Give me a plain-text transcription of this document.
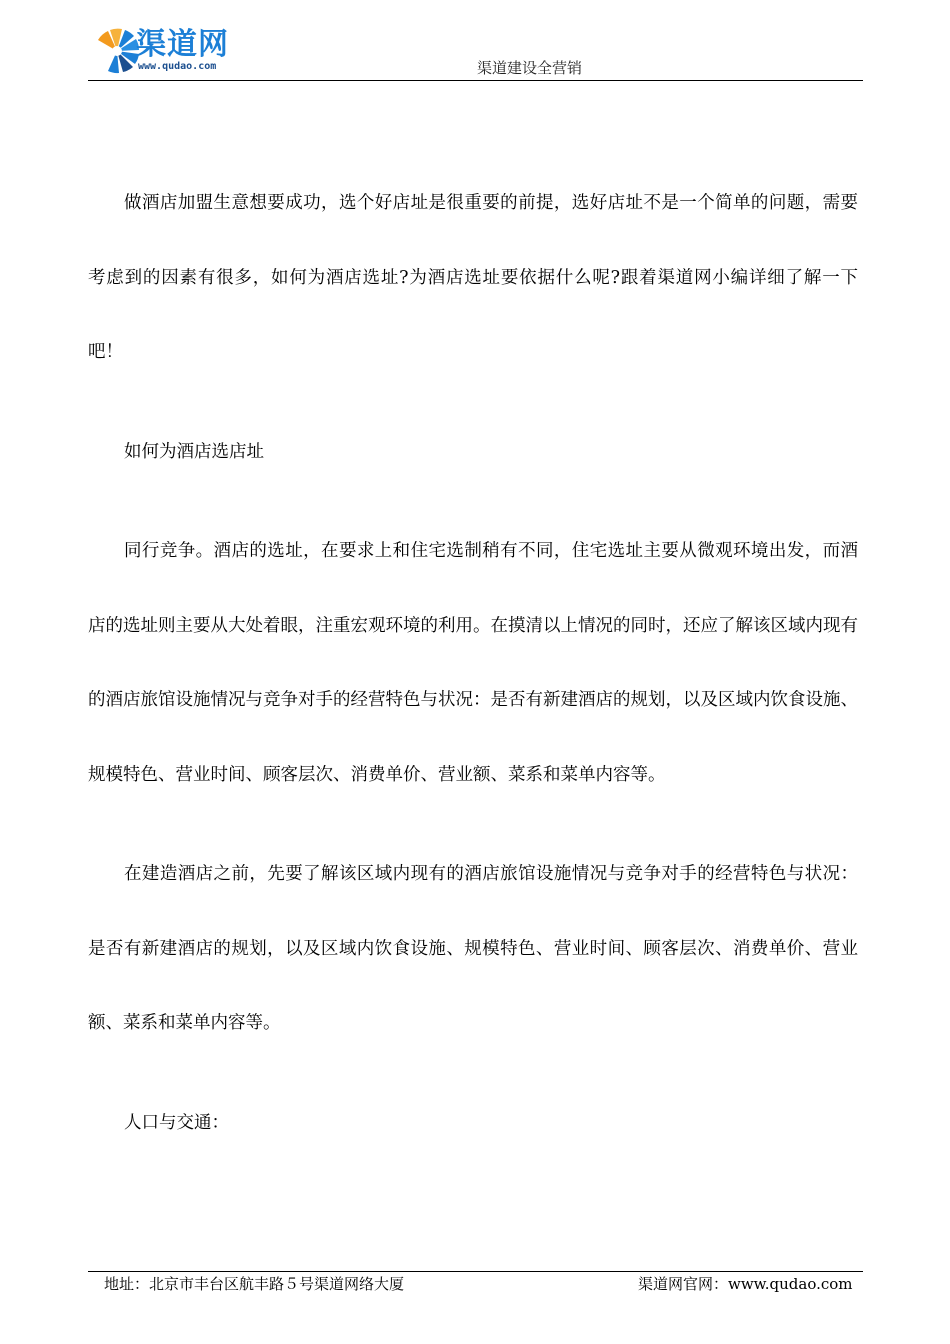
渠道网
www.qudao.com	渠道建设全营销

做酒店加盟生意想要成功，选个好店址是很重要的前提，选好店址不是一个简单的问题，需要考虑到的因素有很多，如何为酒店选址?为酒店选址要依据什么呢?跟着渠道网小编详细了解一下吧！

如何为酒店选店址

同行竞争。酒店的选址，在要求上和住宅选制稍有不同，住宅选址主要从微观环境出发，而酒店的选址则主要从大处着眼，注重宏观环境的利用。在摸清以上情况的同时，还应了解该区域内现有的酒店旅馆设施情况与竞争对手的经营特色与状况：是否有新建酒店的规划，以及区域内饮食设施、规模特色、营业时间、顾客层次、消费单价、营业额、菜系和菜单内容等。

在建造酒店之前，先要了解该区域内现有的酒店旅馆设施情况与竞争对手的经营特色与状况：是否有新建酒店的规划，以及区域内饮食设施、规模特色、营业时间、顾客层次、消费单价、营业额、菜系和菜单内容等。

人口与交通：

地址：北京市丰台区航丰路５号渠道网络大厦	渠道网官网：www.qudao.com
